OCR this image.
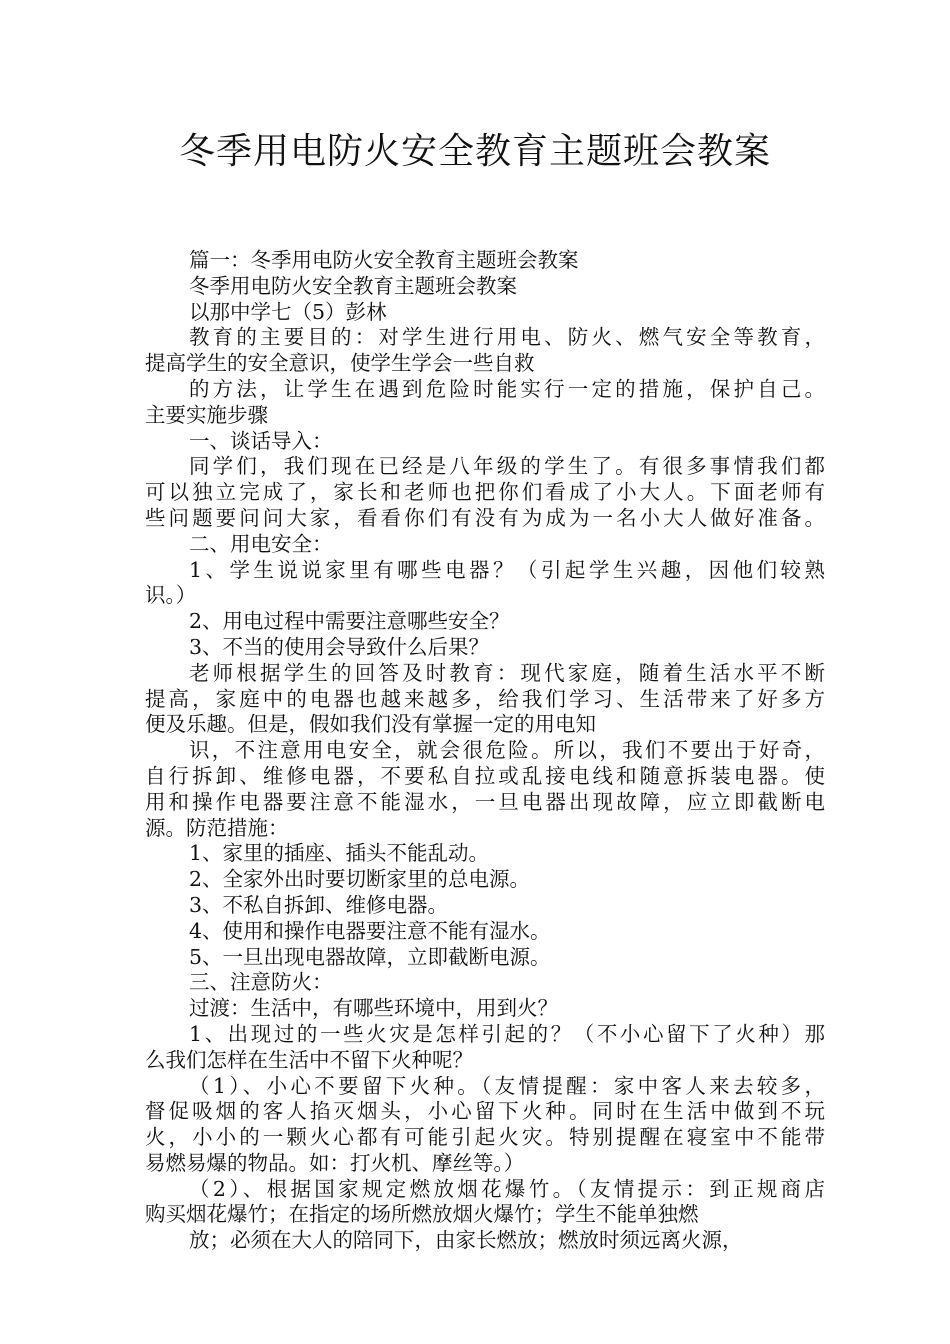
冬季用电防火安全教育主题班会教案

篇一：冬季用电防火安全教育主题班会教案

冬季用电防火安全教育主题班会教案

以那中学七（5）彭林

教育的主要目的：对学生进行用电、防火、燃气安全等教育，

提高学生的安全意识，使学生学会一些自救

的方法，让学生在遇到危险时能实行一定的措施，保护自己。

主要实施步骤

一、谈话导入：

同学们，我们现在已经是八年级的学生了。有很多事情我们都

可以独立完成了，家长和老师也把你们看成了小大人。下面老师有

些问题要问问大家，看看你们有没有为成为一名小大人做好准备。

二、用电安全：

1、学生说说家里有哪些电器？（引起学生兴趣，因他们较熟

识。）

2、用电过程中需要注意哪些安全？

3、不当的使用会导致什么后果？

老师根据学生的回答及时教育：现代家庭，随着生活水平不断

提高，家庭中的电器也越来越多，给我们学习、生活带来了好多方

便及乐趣。但是，假如我们没有掌握一定的用电知

识，不注意用电安全，就会很危险。所以，我们不要出于好奇，

自行拆卸、维修电器，不要私自拉或乱接电线和随意拆装电器。使

用和操作电器要注意不能湿水，一旦电器出现故障，应立即截断电

源。防范措施：

1、家里的插座、插头不能乱动。

2、全家外出时要切断家里的总电源。

3、不私自拆卸、维修电器。

4、使用和操作电器要注意不能有湿水。

5、一旦出现电器故障，立即截断电源。

三、注意防火：

过渡：生活中，有哪些环境中，用到火？

1、出现过的一些火灾是怎样引起的？（不小心留下了火种）那

么我们怎样在生活中不留下火种呢？

（1）、小心不要留下火种。（友情提醒：家中客人来去较多，

督促吸烟的客人掐灭烟头，小心留下火种。同时在生活中做到不玩

火，小小的一颗火心都有可能引起火灾。特别提醒在寝室中不能带

易燃易爆的物品。如：打火机、摩丝等。）

（2）、根据国家规定燃放烟花爆竹。（友情提示：到正规商店

购买烟花爆竹；在指定的场所燃放烟火爆竹；学生不能单独燃

放；必须在大人的陪同下，由家长燃放；燃放时须远离火源，
